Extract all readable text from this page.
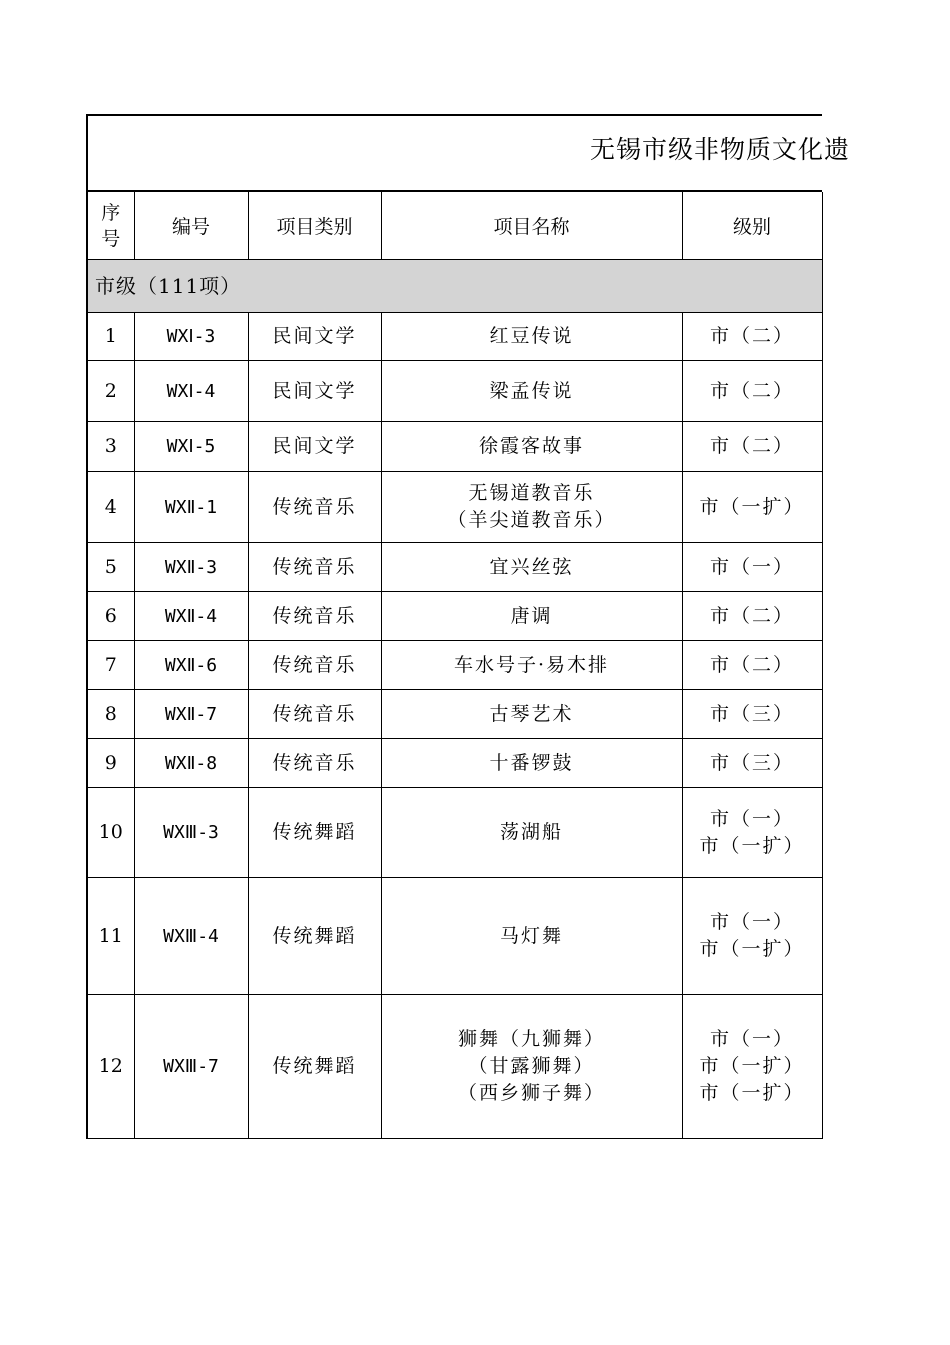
无锡市级非物质文化遗
序
号	编号	项目类别	项目名称	级别
市级（111项）				
1	WXⅠ-3	民间文学	红豆传说	市（二）

2	WXⅠ-4	民间文学	梁孟传说	市（二）

3	WXⅠ-5	民间文学	徐霞客故事	市（二）

4	WXⅡ-1	传统音乐	无锡道教音乐
（羊尖道教音乐）	市（一扩）

5	WXⅡ-3	传统音乐	宜兴丝弦	市（一）

6	WXⅡ-4	传统音乐	唐调	市（二）

7	WXⅡ-6	传统音乐	车水号子·易木排	市（二）

8	WXⅡ-7	传统音乐	古琴艺术	市（三）

9	WXⅡ-8	传统音乐	十番锣鼓	市（三）

10	WXⅢ-3	传统舞蹈	荡湖船	市（一）
市（一扩）

11	WXⅢ-4	传统舞蹈	马灯舞	市（一）
市（一扩）

12	WXⅢ-7	传统舞蹈	狮舞（九狮舞）
（甘露狮舞）
（西乡狮子舞）	市（一）
市（一扩）
市（一扩）
